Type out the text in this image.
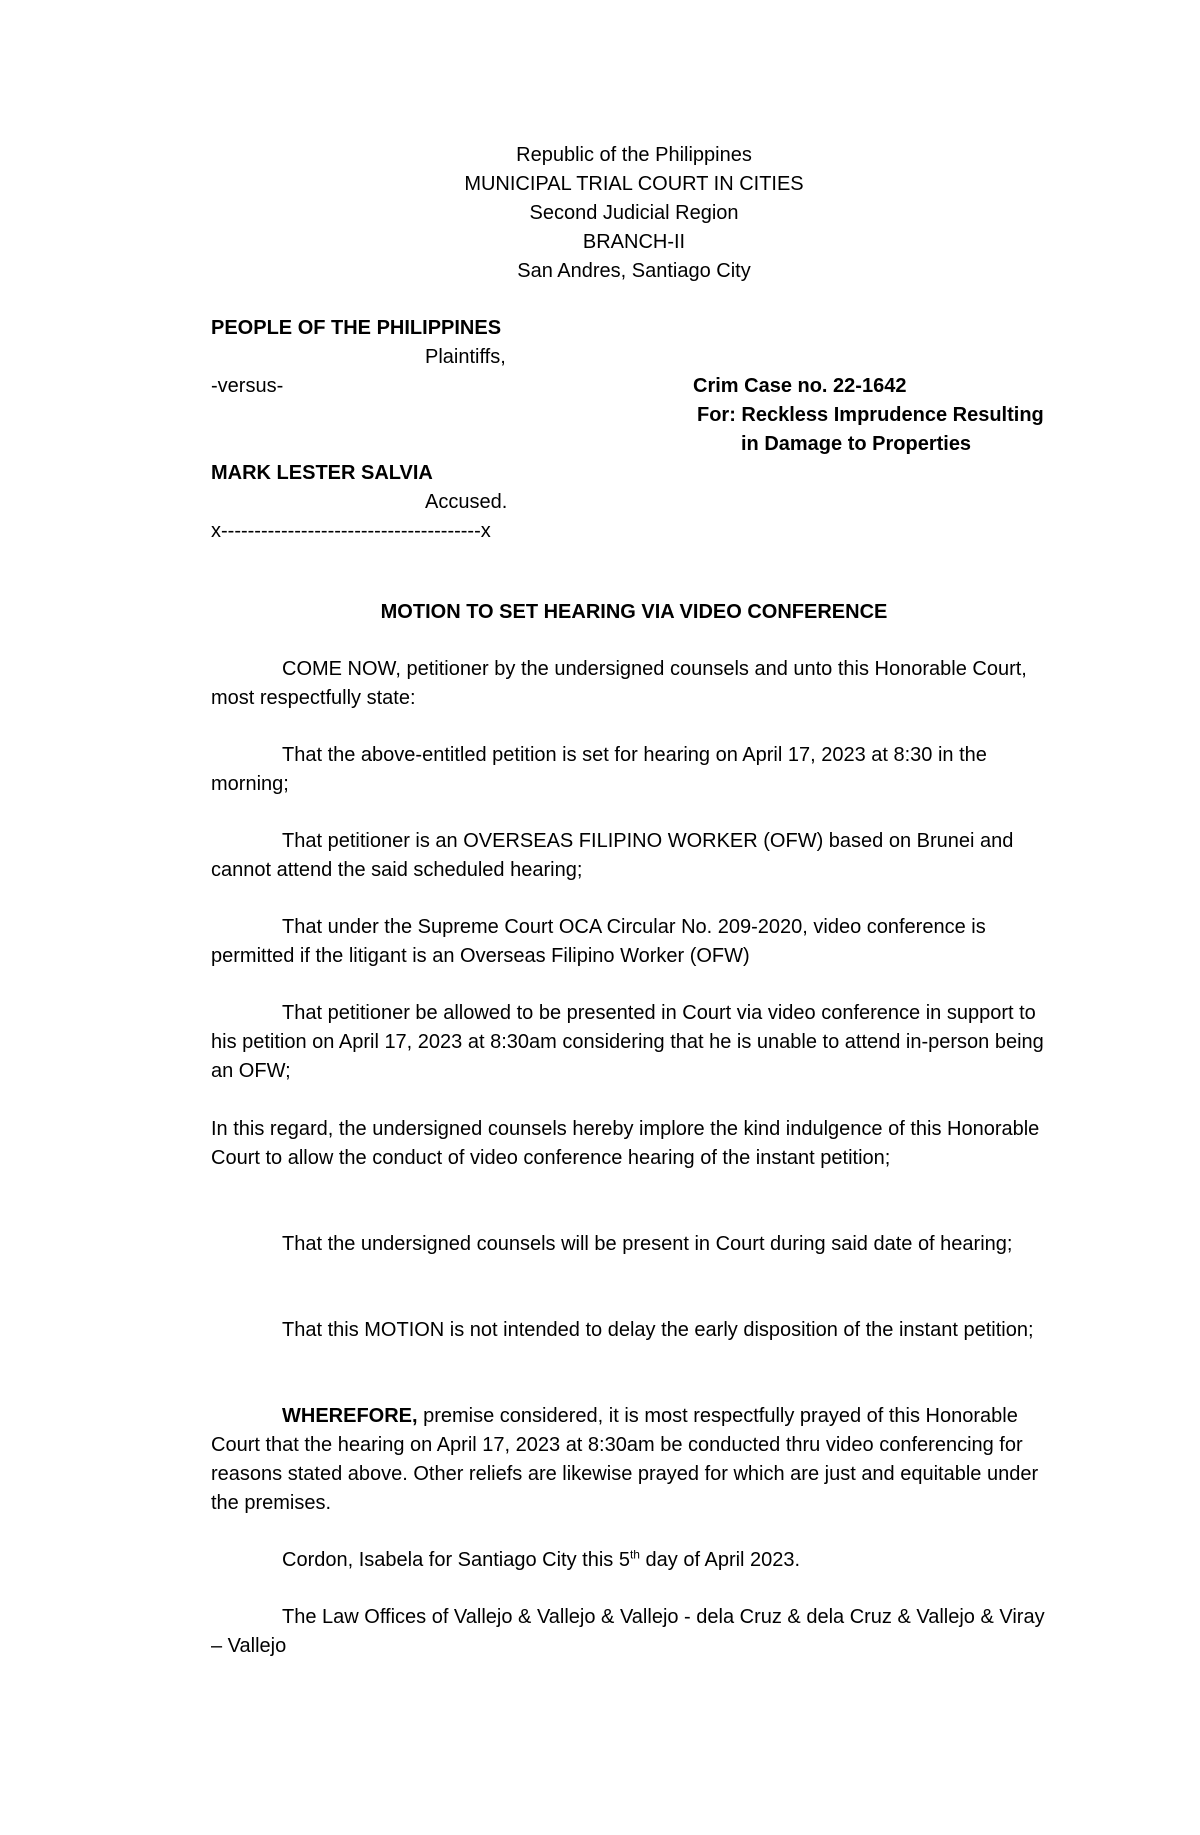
Republic of the Philippines
MUNICIPAL TRIAL COURT IN CITIES
Second Judicial Region
BRANCH-II
San Andres, Santiago City
PEOPLE OF THE PHILIPPINES
Plaintiffs,
-versus-	Crim Case no. 22-1642
For: Reckless Imprudence Resulting
in Damage to Properties
MARK LESTER SALVIA
Accused.
x---------------------------------------x
MOTION TO SET HEARING VIA VIDEO CONFERENCE

COME NOW, petitioner by the undersigned counsels and unto this Honorable Court, most respectfully state:

That the above-entitled petition is set for hearing on April 17, 2023 at 8:30 in the morning;

That petitioner is an OVERSEAS FILIPINO WORKER (OFW) based on Brunei and cannot attend the said scheduled hearing;

That under the Supreme Court OCA Circular No. 209-2020, video conference is permitted if the litigant is an Overseas Filipino Worker (OFW)

That petitioner be allowed to be presented in Court via video conference in support to his petition on April 17, 2023 at 8:30am considering that he is unable to attend in-person being an OFW;

In this regard, the undersigned counsels hereby implore the kind indulgence of this Honorable Court to allow the conduct of video conference hearing of the instant petition;

That the undersigned counsels will be present in Court during said date of hearing;

That this MOTION is not intended to delay the early disposition of the instant petition;

WHEREFORE, premise considered, it is most respectfully prayed of this Honorable Court that the hearing on April 17, 2023 at 8:30am be conducted thru video conferencing for reasons stated above. Other reliefs are likewise prayed for which are just and equitable under the premises.

Cordon, Isabela for Santiago City this 5th day of April 2023.

The Law Offices of Vallejo & Vallejo & Vallejo - dela Cruz & dela Cruz & Vallejo & Viray – Vallejo
